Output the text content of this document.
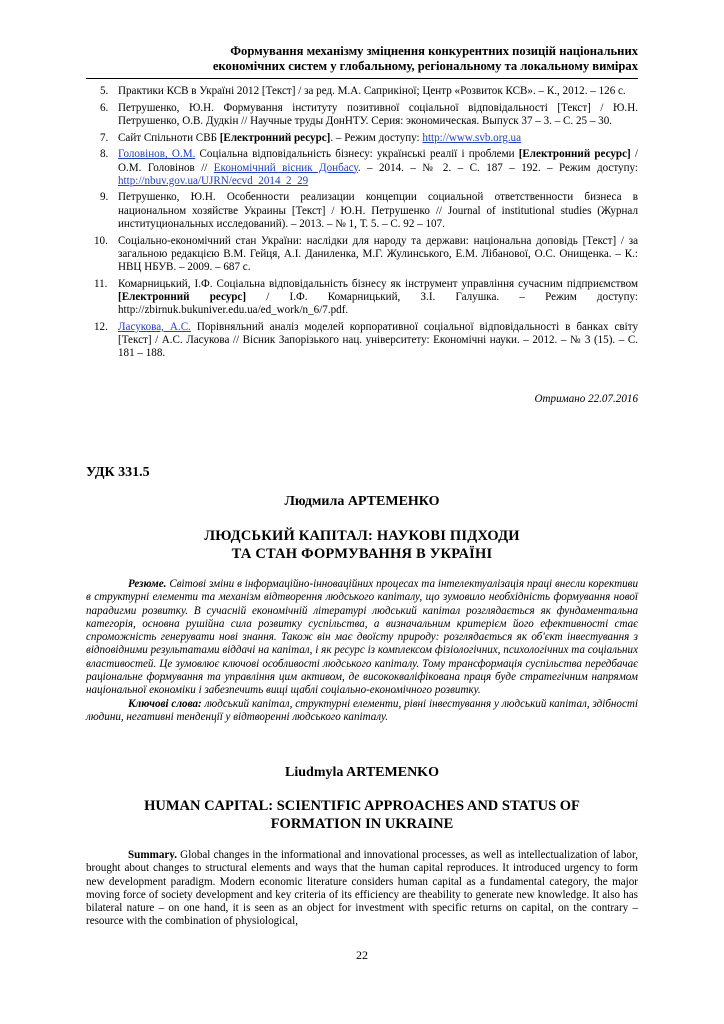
Формування механізму зміцнення конкурентних позицій національних
економічних систем у глобальному, регіональному та локальному вимірах
5. Практики КСВ в Україні 2012 [Текст] / за ред. М.А. Саприкіної; Центр «Розвиток КСВ». – К., 2012. – 126 с.
6. Петрушенко, Ю.Н. Формування інституту позитивної соціальної відповідальності [Текст] / Ю.Н. Петрушенко, О.В. Дудкін // Научные труды ДонНТУ. Серия: экономическая. Выпуск 37 – 3. – С. 25 – 30.
7. Сайт Спільноти СВБ [Електронний ресурс]. – Режим доступу: http://www.svb.org.ua
8. Головінов, О.М. Соціальна відповідальність бізнесу: українські реалії і проблеми [Електронний ресурс] / О.М. Головінов // Економічний вісник Донбасу. – 2014. – № 2. – С. 187 – 192. – Режим доступу: http://nbuv.gov.ua/UJRN/ecvd_2014_2_29
9. Петрушенко, Ю.Н. Особенности реализации концепции социальной ответственности бизнеса в национальном хозяйстве Украины [Текст] / Ю.Н. Петрушенко // Journal of institutional studies (Журнал институциональных исследований). – 2013. – № 1, Т. 5. – С. 92 – 107.
10. Соціально-економічний стан України: наслідки для народу та держави: національна доповідь [Текст] / за загальною редакцією В.М. Гейця, А.І. Даниленка, М.Г. Жулинського, Е.М. Лібанової, О.С. Онищенка. – К.: НВЦ НБУВ. – 2009. – 687 с.
11. Комарницький, І.Ф. Соціальна відповідальність бізнесу як інструмент управління сучасним підприємством [Електронний ресурс] / І.Ф. Комарницький, З.І. Галушка. – Режим доступу: http://zbirnuk.bukuniver.edu.ua/ed_work/n_6/7.pdf.
12. Ласукова, А.С. Порівняльний аналіз моделей корпоративної соціальної відповідальності в банках світу [Текст] / А.С. Ласукова // Вісник Запорізького нац. університету: Економічні науки. – 2012. – № 3 (15). – С. 181 – 188.
Отримано 22.07.2016
УДК 331.5
Людмила АРТЕМЕНКО
ЛЮДСЬКИЙ КАПІТАЛ: НАУКОВІ ПІДХОДИ
ТА СТАН ФОРМУВАННЯ В УКРАЇНІ

Резюме. Світові зміни в інформаційно-інноваційних процесах та інтелектуалізація праці внесли корективи в структурні елементи та механізм відтворення людського капіталу, що зумовило необхідність формування нової парадигми розвитку. В сучасній економічній літературі людський капітал розглядається як фундаментальна категорія, основна рушійна сила розвитку суспільства, а визначальним критерієм його ефективності стає спроможність генерувати нові знання. Також він має двоїсту природу: розглядається як об'єкт інвестування з відповідними результатами віддачі на капітал, і як ресурс із комплексом фізіологічних, психологічних та соціальних властивостей. Це зумовлює ключові особливості людського капіталу. Тому трансформація суспільства передбачає раціональне формування та управління цим активом, де висококваліфікована праця буде стратегічним напрямом національної економіки і забезпечить вищі щаблі соціально-економічного розвитку.

Ключові слова: людський капітал, структурні елементи, рівні інвестування у людський капітал, здібності людини, негативні тенденції у відтворенні людського капіталу.

Liudmyla ARTEMENKO
HUMAN CAPITAL: SCIENTIFIC APPROACHES AND STATUS OF
FORMATION IN UKRAINE

Summary. Global changes in the informational and innovational processes, as well as intellectualization of labor, brought about changes to structural elements and ways that the human capital reproduces. It introduced urgency to form new development paradigm. Modern economic literature considers human capital as a fundamental category, the major moving force of society development and key criteria of its efficiency are theability to generate new knowledge. It also has bilateral nature – on one hand, it is seen as an object for investment with specific returns on capital, on the contrary – resource with the combination of physiological,

22
